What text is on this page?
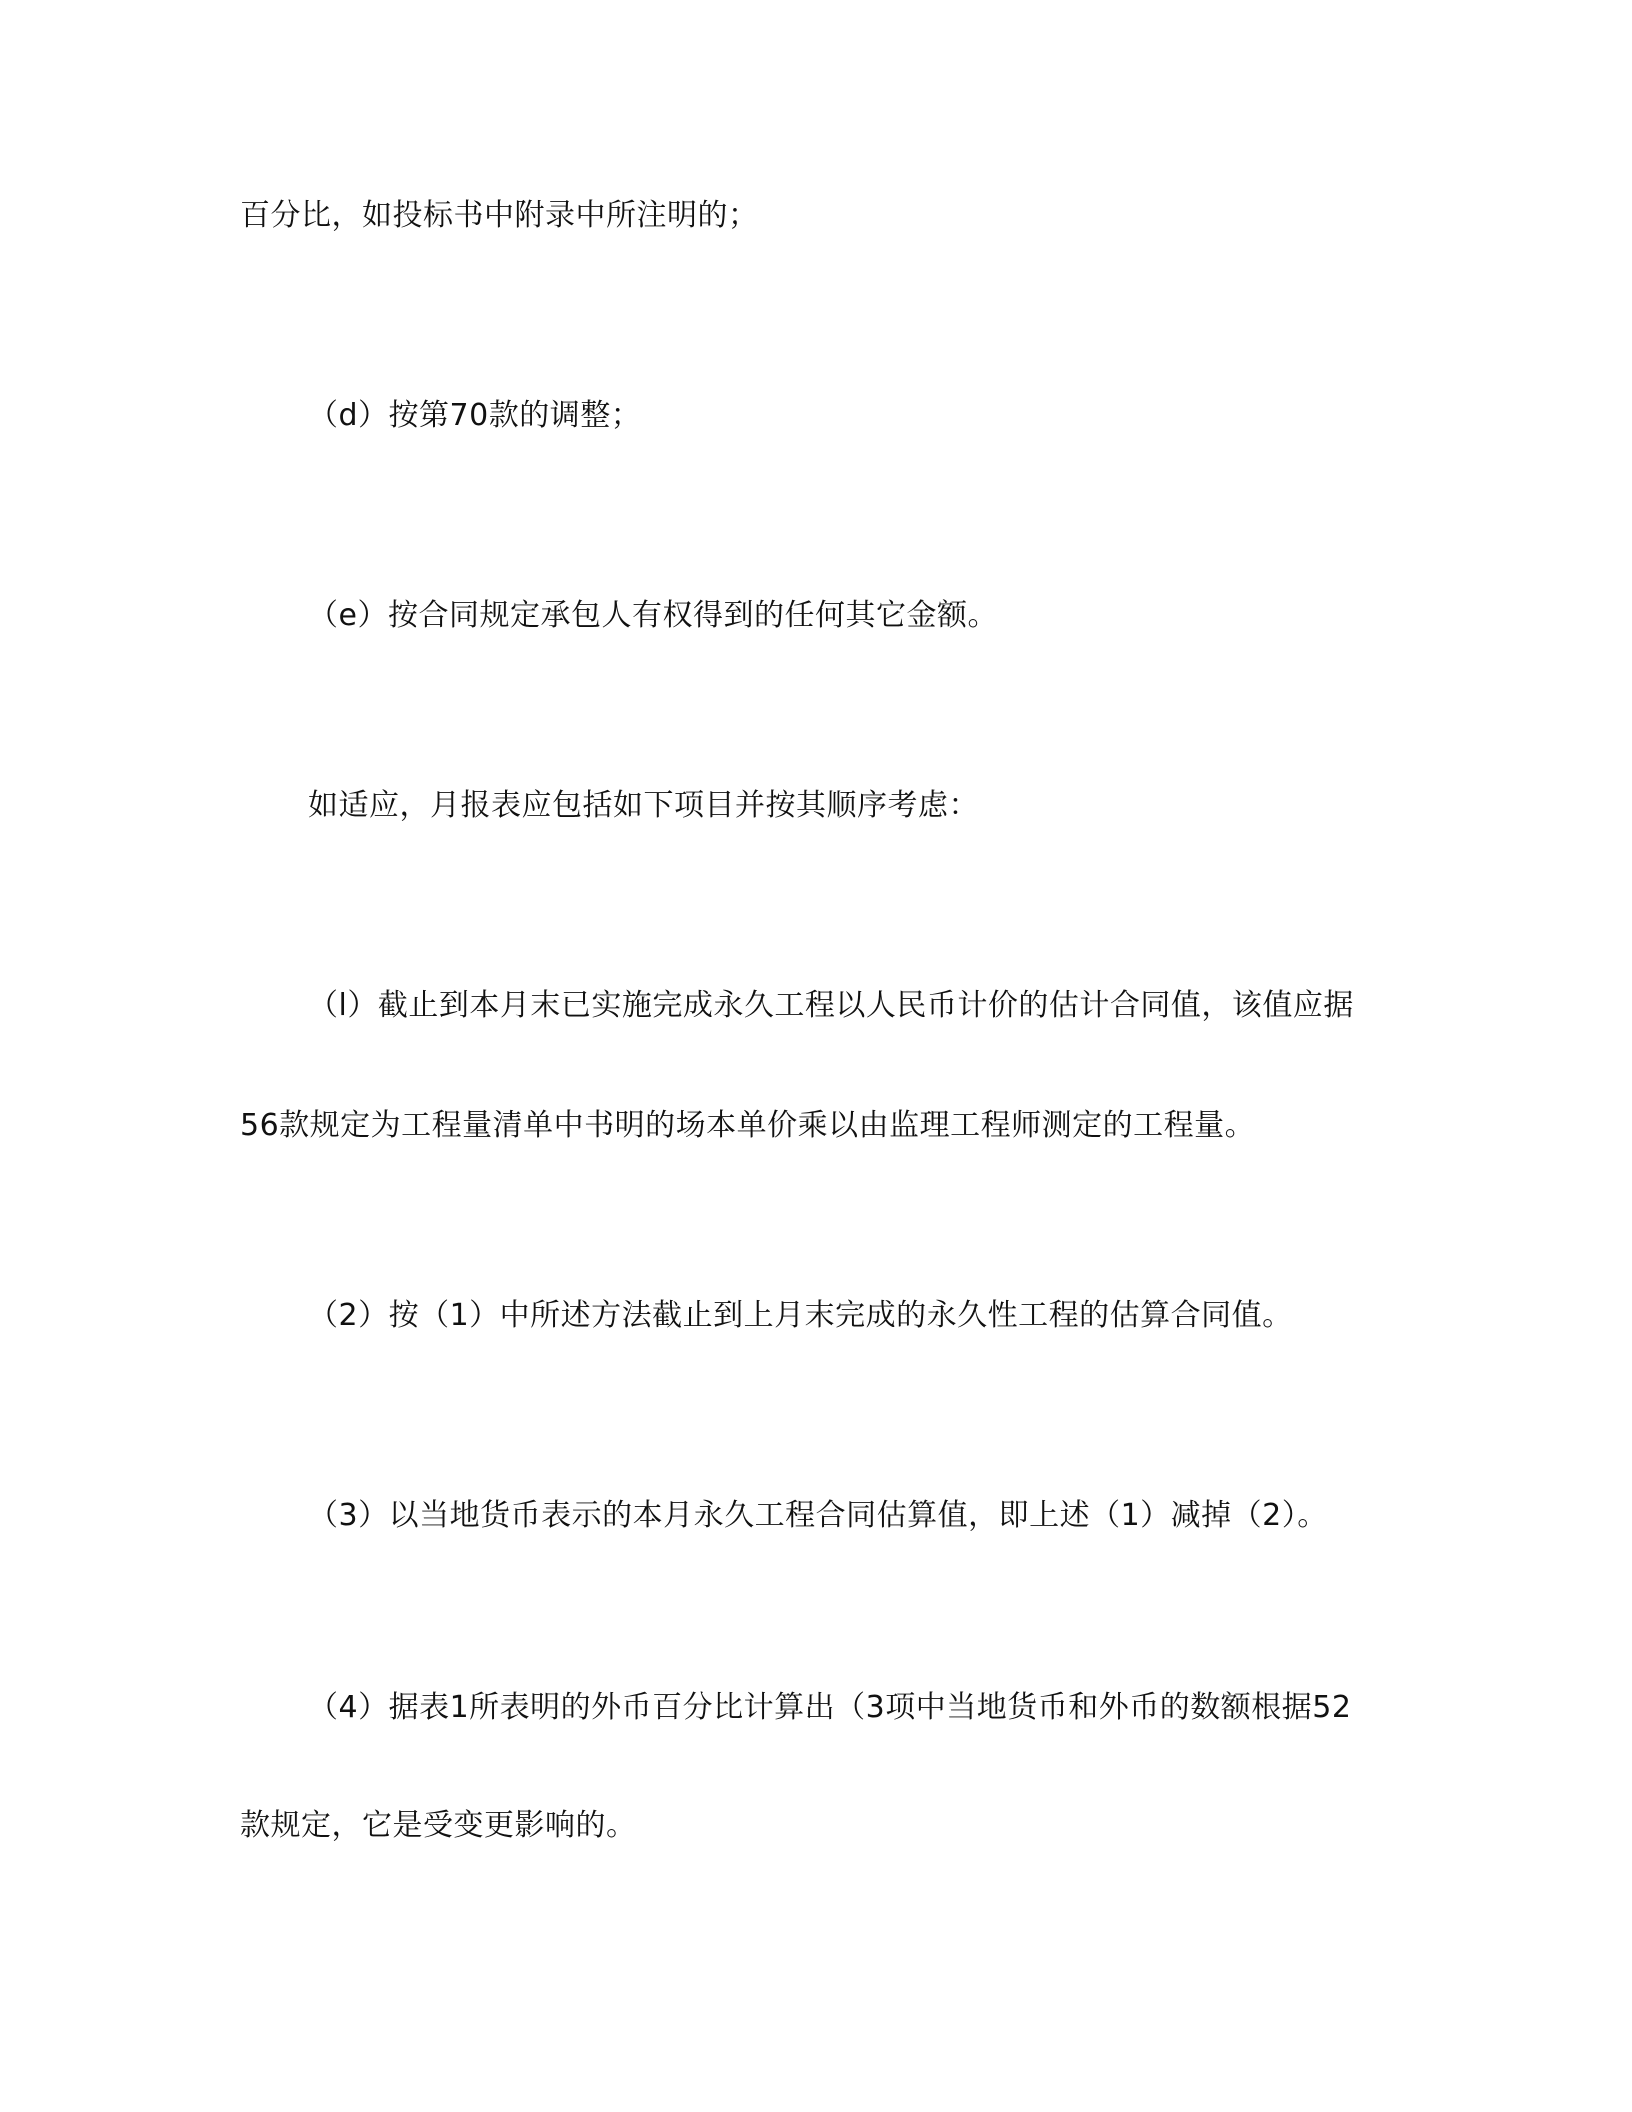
百分比，如投标书中附录中所注明的；

（d）按第70款的调整；

（e）按合同规定承包人有权得到的任何其它金额。

如适应，月报表应包括如下项目并按其顺序考虑：

（l）截止到本月末已实施完成永久工程以人民币计价的估计合同值，该值应据

56款规定为工程量清单中书明的场本单价乘以由监理工程师测定的工程量。

（2）按（1）中所述方法截止到上月末完成的永久性工程的估算合同值。

（3）以当地货币表示的本月永久工程合同估算值，即上述（1）减掉（2）。

（4）据表1所表明的外币百分比计算出（3项中当地货币和外币的数额根据52

款规定，它是受变更影响的。
